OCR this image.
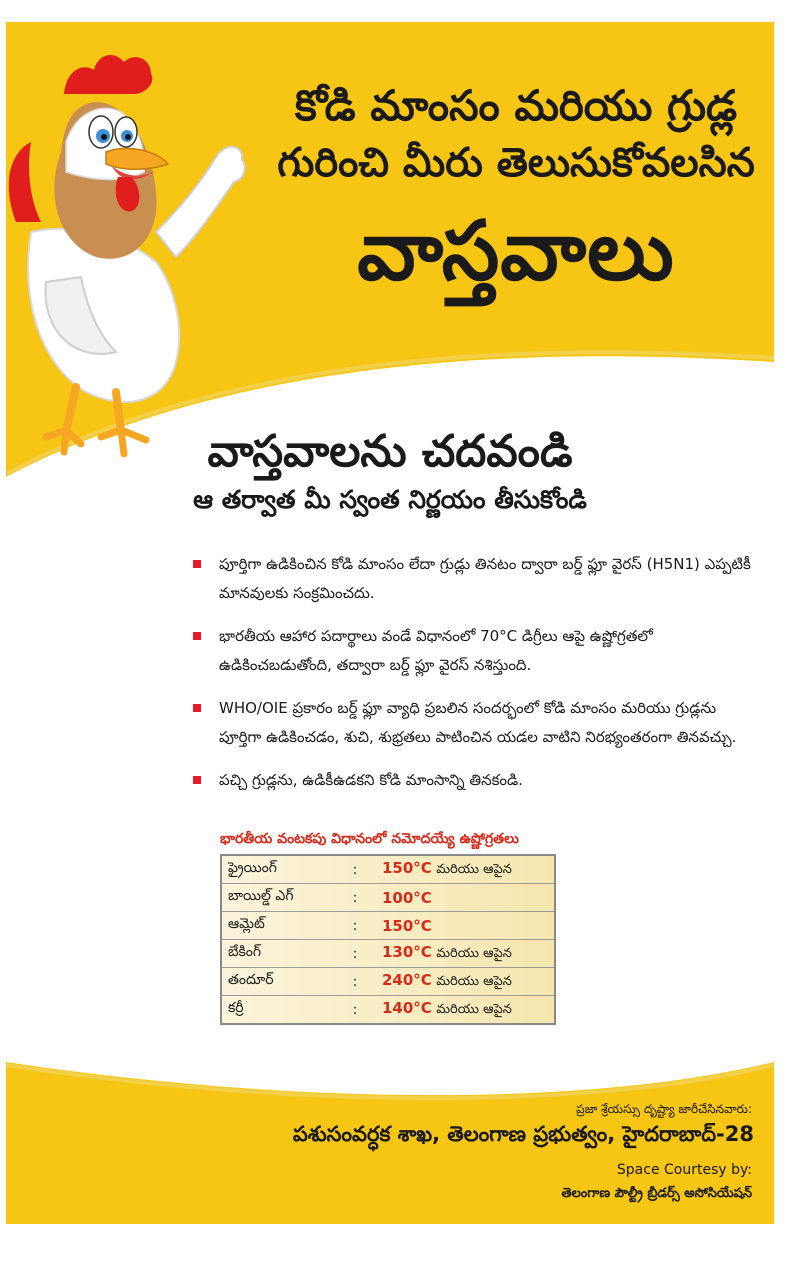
కోడి మాంసం మరియు గ్రుడ్ల
గురించి మీరు తెలుసుకోవలసిన
వాస్తవాలు
వాస్తవాలను చదవండి
ఆ తర్వాత మీ స్వంత నిర్ణయం తీసుకోండి
పూర్తిగా ఉడికించిన కోడి మాంసం లేదా గ్రుడ్లు తినటం ద్వారా బర్డ్ ఫ్లూ వైరస్ (H5N1) ఎప్పటికీ మానవులకు సంక్రమించదు.
భారతీయ ఆహార పదార్థాలు వండే విధానంలో 70°C డిగ్రీలు ఆపై ఉష్ణోగ్రతలో ఉడికించబడుతోంది, తద్వారా బర్డ్ ఫ్లూ వైరస్ నశిస్తుంది.
WHO/OIE ప్రకారం బర్డ్ ఫ్లూ వ్యాధి ప్రబలిన సందర్భంలో కోడి మాంసం మరియు గ్రుడ్లను పూర్తిగా ఉడికించడం, శుచి, శుభ్రతలు పాటించిన యడల వాటిని నిరభ్యంతరంగా తినవచ్చు.
పచ్చి గ్రుడ్లను, ఉడికీఉడకని కోడి మాంసాన్ని తినకండి.

భారతీయ వంటకపు విధానంలో నమోదయ్యే ఉష్ణోగ్రతలు

ఫ్రైయింగ్	:	150°C మరియు ఆపైన
బాయిల్డ్ ఎగ్	:	100°C
ఆమ్లెట్	:	150°C
బేకింగ్	:	130°C మరియు ఆపైన
తందూర్	:	240°C మరియు ఆపైన
కర్రీ	:	140°C మరియు ఆపైన

ప్రజా శ్రేయస్సు దృష్ట్యా జారీచేసినవారు:

పశుసంవర్ధక శాఖ, తెలంగాణ ప్రభుత్వం, హైదరాబాద్-28

Space Courtesy by:

తెలంగాణ పౌల్ట్రీ బ్రీడర్స్ అసోసియేషన్
